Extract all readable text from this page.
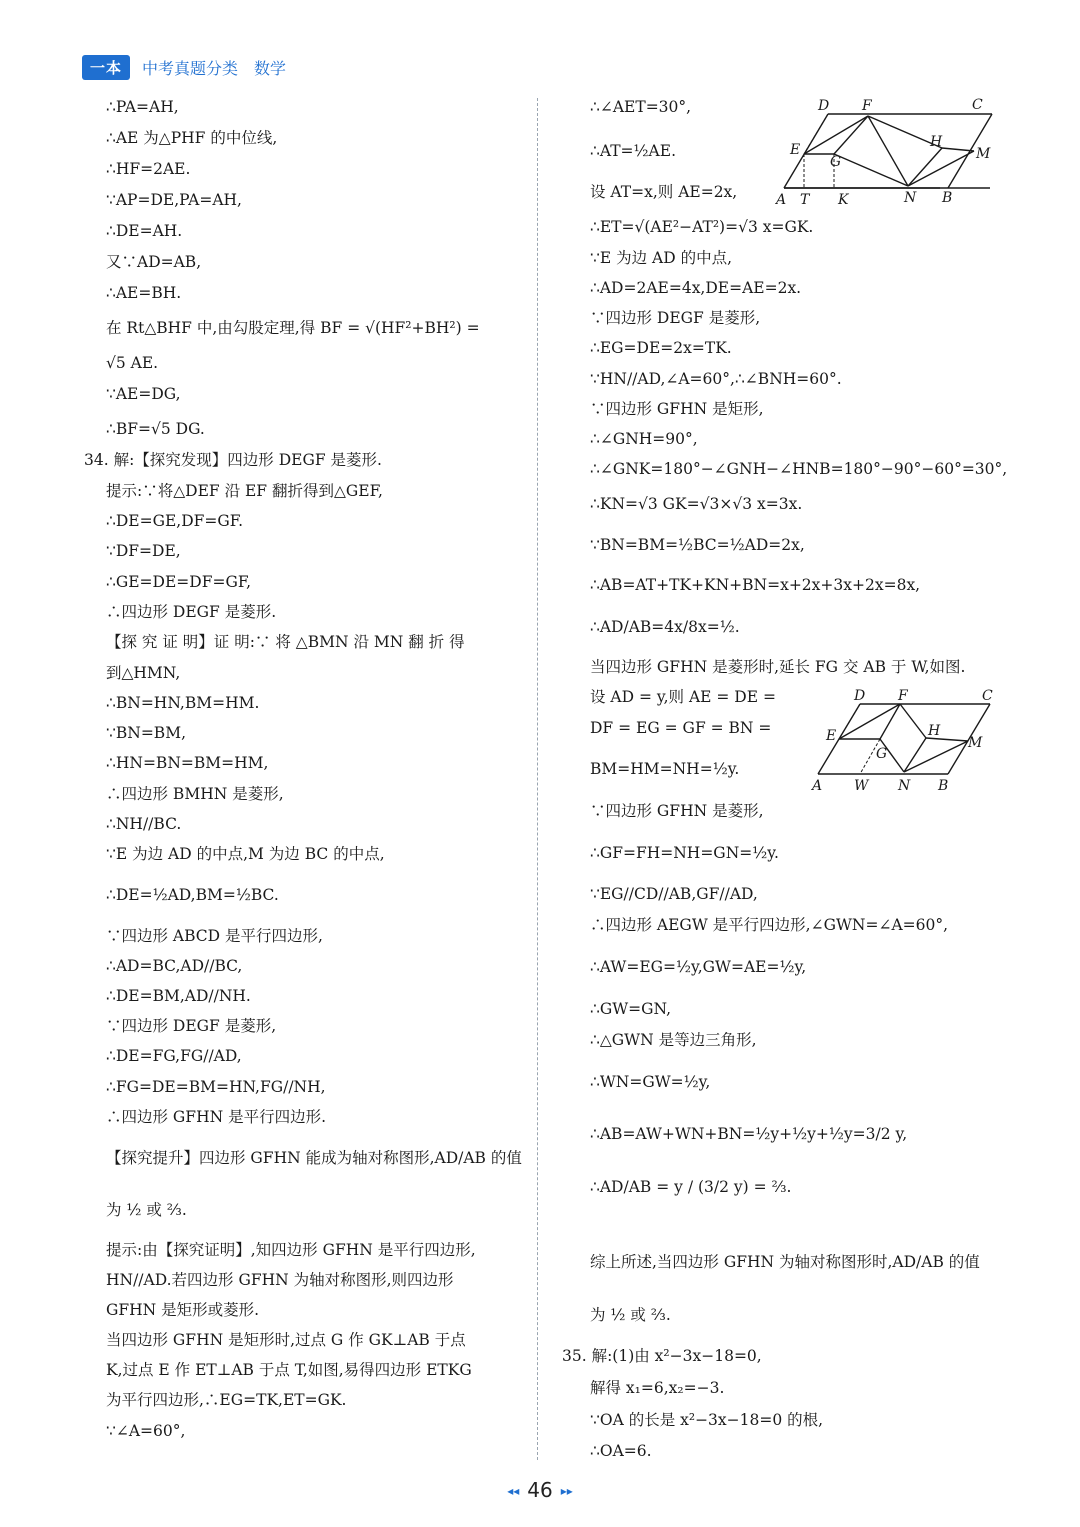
一本	中考真题分类 数学
∴PA=AH,
∴AE 为△PHF 的中位线,
∴HF=2AE.
∵AP=DE,PA=AH,
∴DE=AH.
又∵AD=AB,
∴AE=BH.
在 Rt△BHF 中,由勾股定理,得 BF = √(HF²+BH²) =
√5 AE.
∵AE=DG,
∴BF=√5 DG.
34. 解:【探究发现】四边形 DEGF 是菱形.
提示:∵将△DEF 沿 EF 翻折得到△GEF,
∴DE=GE,DF=GF.
∵DF=DE,
∴GE=DE=DF=GF,
∴四边形 DEGF 是菱形.
【探 究 证 明】证 明:∵ 将 △BMN 沿 MN 翻 折 得
到△HMN,
∴BN=HN,BM=HM.
∵BN=BM,
∴HN=BN=BM=HM,
∴四边形 BMHN 是菱形,
∴NH//BC.
∵E 为边 AD 的中点,M 为边 BC 的中点,
∴DE=½AD,BM=½BC.
∵四边形 ABCD 是平行四边形,
∴AD=BC,AD//BC,
∴DE=BM,AD//NH.
∵四边形 DEGF 是菱形,
∴DE=FG,FG//AD,
∴FG=DE=BM=HN,FG//NH,
∴四边形 GFHN 是平行四边形.
【探究提升】四边形 GFHN 能成为轴对称图形,AD/AB 的值
为 ½ 或 ⅔.
提示:由【探究证明】,知四边形 GFHN 是平行四边形,
HN//AD.若四边形 GFHN 为轴对称图形,则四边形
GFHN 是矩形或菱形.
当四边形 GFHN 是矩形时,过点 G 作 GK⊥AB 于点
K,过点 E 作 ET⊥AB 于点 T,如图,易得四边形 ETKG
为平行四边形,∴EG=TK,ET=GK.
∵∠A=60°,
∴∠AET=30°,
∴AT=½AE.
设 AT=x,则 AE=2x,
∴ET=√(AE²−AT²)=√3 x=GK.
∵E 为边 AD 的中点,
∴AD=2AE=4x,DE=AE=2x.
∵四边形 DEGF 是菱形,
∴EG=DE=2x=TK.
∵HN//AD,∠A=60°,∴∠BNH=60°.
∵四边形 GFHN 是矩形,
∴∠GNH=90°,
∴∠GNK=180°−∠GNH−∠HNB=180°−90°−60°=30°,
∴KN=√3 GK=√3×√3 x=3x.
∵BN=BM=½BC=½AD=2x,
∴AB=AT+TK+KN+BN=x+2x+3x+2x=8x,
∴AD/AB=4x/8x=½.
当四边形 GFHN 是菱形时,延长 FG 交 AB 于 W,如图.
设 AD = y,则 AE = DE =
DF = EG = GF = BN =
BM=HM=NH=½y.
∵四边形 GFHN 是菱形,
∴GF=FH=NH=GN=½y.
∵EG//CD//AB,GF//AD,
∴四边形 AEGW 是平行四边形,∠GWN=∠A=60°,
∴AW=EG=½y,GW=AE=½y,
∴GW=GN,
∴△GWN 是等边三角形,
∴WN=GW=½y,
∴AB=AW+WN+BN=½y+½y+½y=3/2 y,
∴AD/AB = y / (3/2 y) = ⅔.
综上所述,当四边形 GFHN 为轴对称图形时,AD/AB 的值
为 ½ 或 ⅔.
35. 解:(1)由 x²−3x−18=0,
解得 x₁=6,x₂=−3.
∵OA 的长是 x²−3x−18=0 的根,
∴OA=6.
D F	C
E	H
M
G
A T K	N B
D F	C
E	H
M
G
A W N B
◂◂ 46 ▸▸
